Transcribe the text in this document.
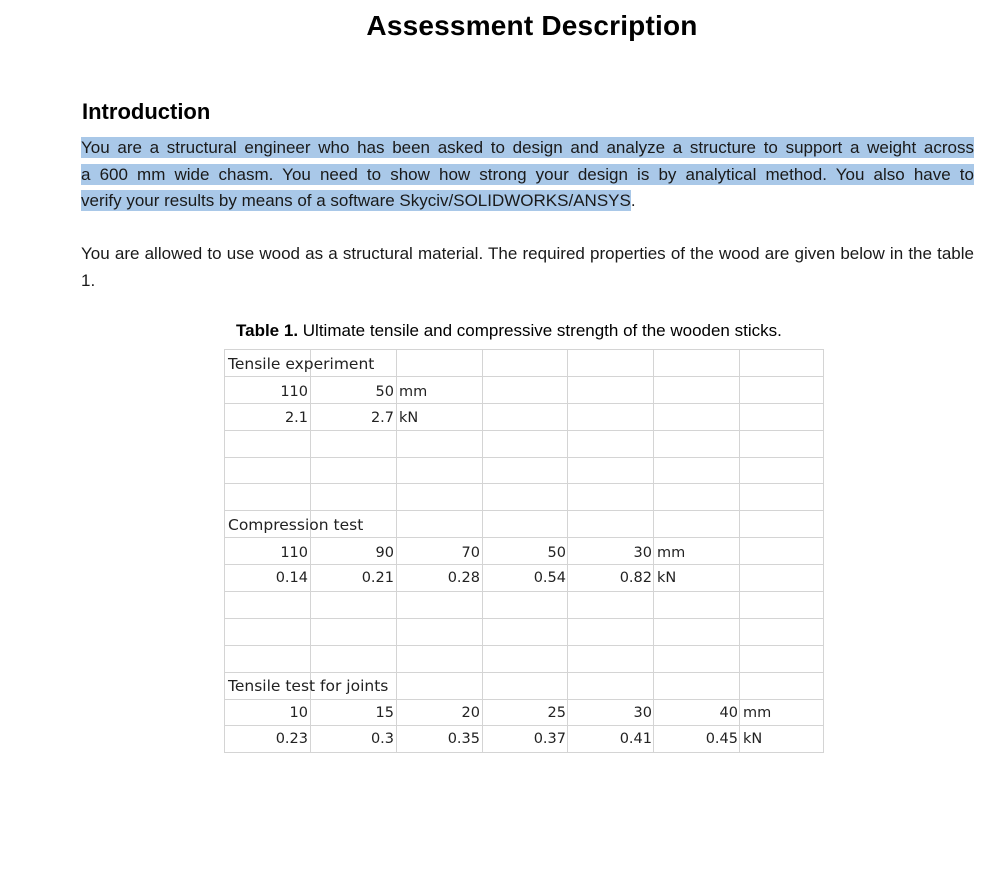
Assessment Description
Introduction
You are a structural engineer who has been asked to design and analyze a structure to support a weight across
a 600 mm wide chasm. You need to show how strong your design is by analytical method. You also have to
verify your results by means of a software Skyciv/SOLIDWORKS/ANSYS.
You are allowed to use wood as a structural material. The required properties of the wood are given below in the table 1.
Table 1. Ultimate tensile and compressive strength of the wooden sticks.

Tensile experiment
110	50 mm
2.1	2.7 kN
Compression test
110	90	70	50	30 mm
0.14	0.21	0.28	0.54	0.82 kN
Tensile test for joints
10	15	20	25	30	40 mm
0.23	0.3	0.35	0.37	0.41	0.45 kN
